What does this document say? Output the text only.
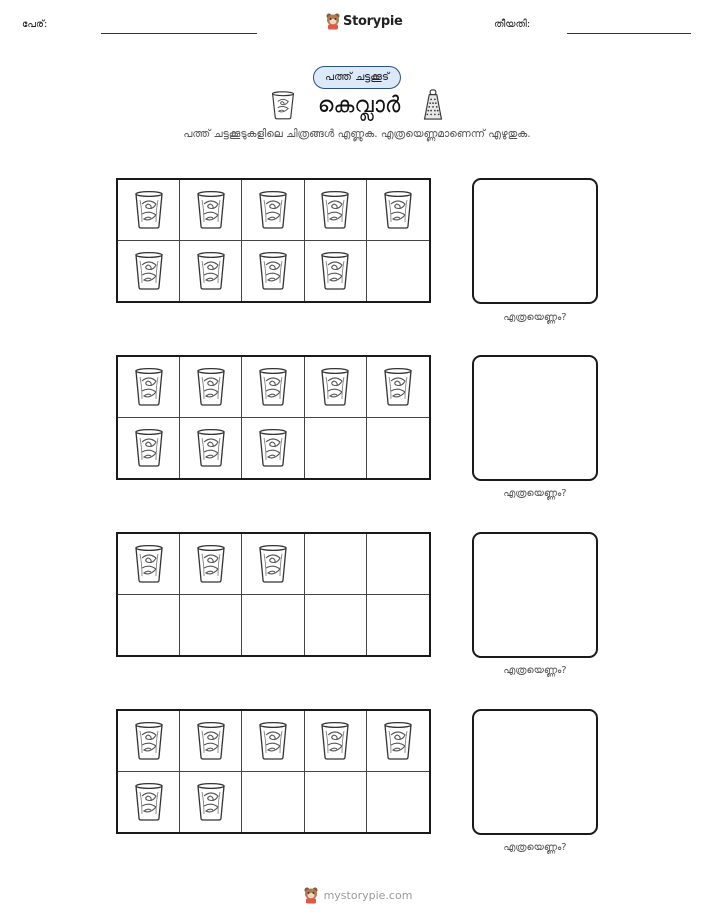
പേര്:	Storypie	തീയതി:
പത്ത് ചട്ടക്കൂട്
കെവ്ലാർ
പത്ത് ചട്ടക്കൂടുകളിലെ ചിത്രങ്ങൾ എണ്ണുക. എത്രയെണ്ണമാണെന്ന് എഴുതുക.
എത്രയെണ്ണം?
എത്രയെണ്ണം?
എത്രയെണ്ണം?
എത്രയെണ്ണം?
mystorypie.com
